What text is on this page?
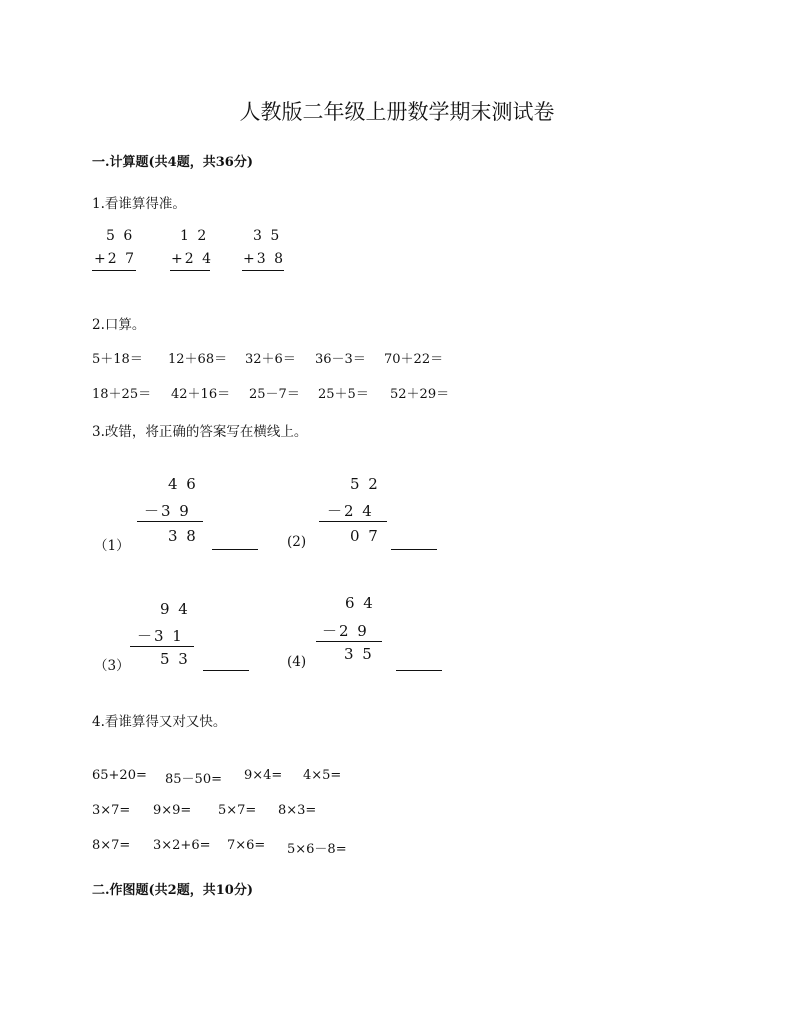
人教版二年级上册数学期末测试卷
一.计算题(共4题，共36分)
1.看谁算得准。
5 6
+2 7
1 2
+2 4
3 5
+3 8
2.口算。
5＋18＝ 12＋68＝ 32＋6＝ 36－3＝ 70＋22＝
18＋25＝ 42＋16＝ 25－7＝ 25＋5＝ 52＋29＝
3.改错，将正确的答案写在横线上。
4 6
－3 9
3 8
（1）
5 2
－2 4
0 7
(2)
9 4
－3 1
5 3
（3）
6 4
－2 9
3 5
(4)
4.看谁算得又对又快。
65+20= 85－50= 9×4= 4×5=
3×7= 9×9= 5×7= 8×3=
8×7= 3×2+6= 7×6= 5×6－8=
二.作图题(共2题，共10分)
